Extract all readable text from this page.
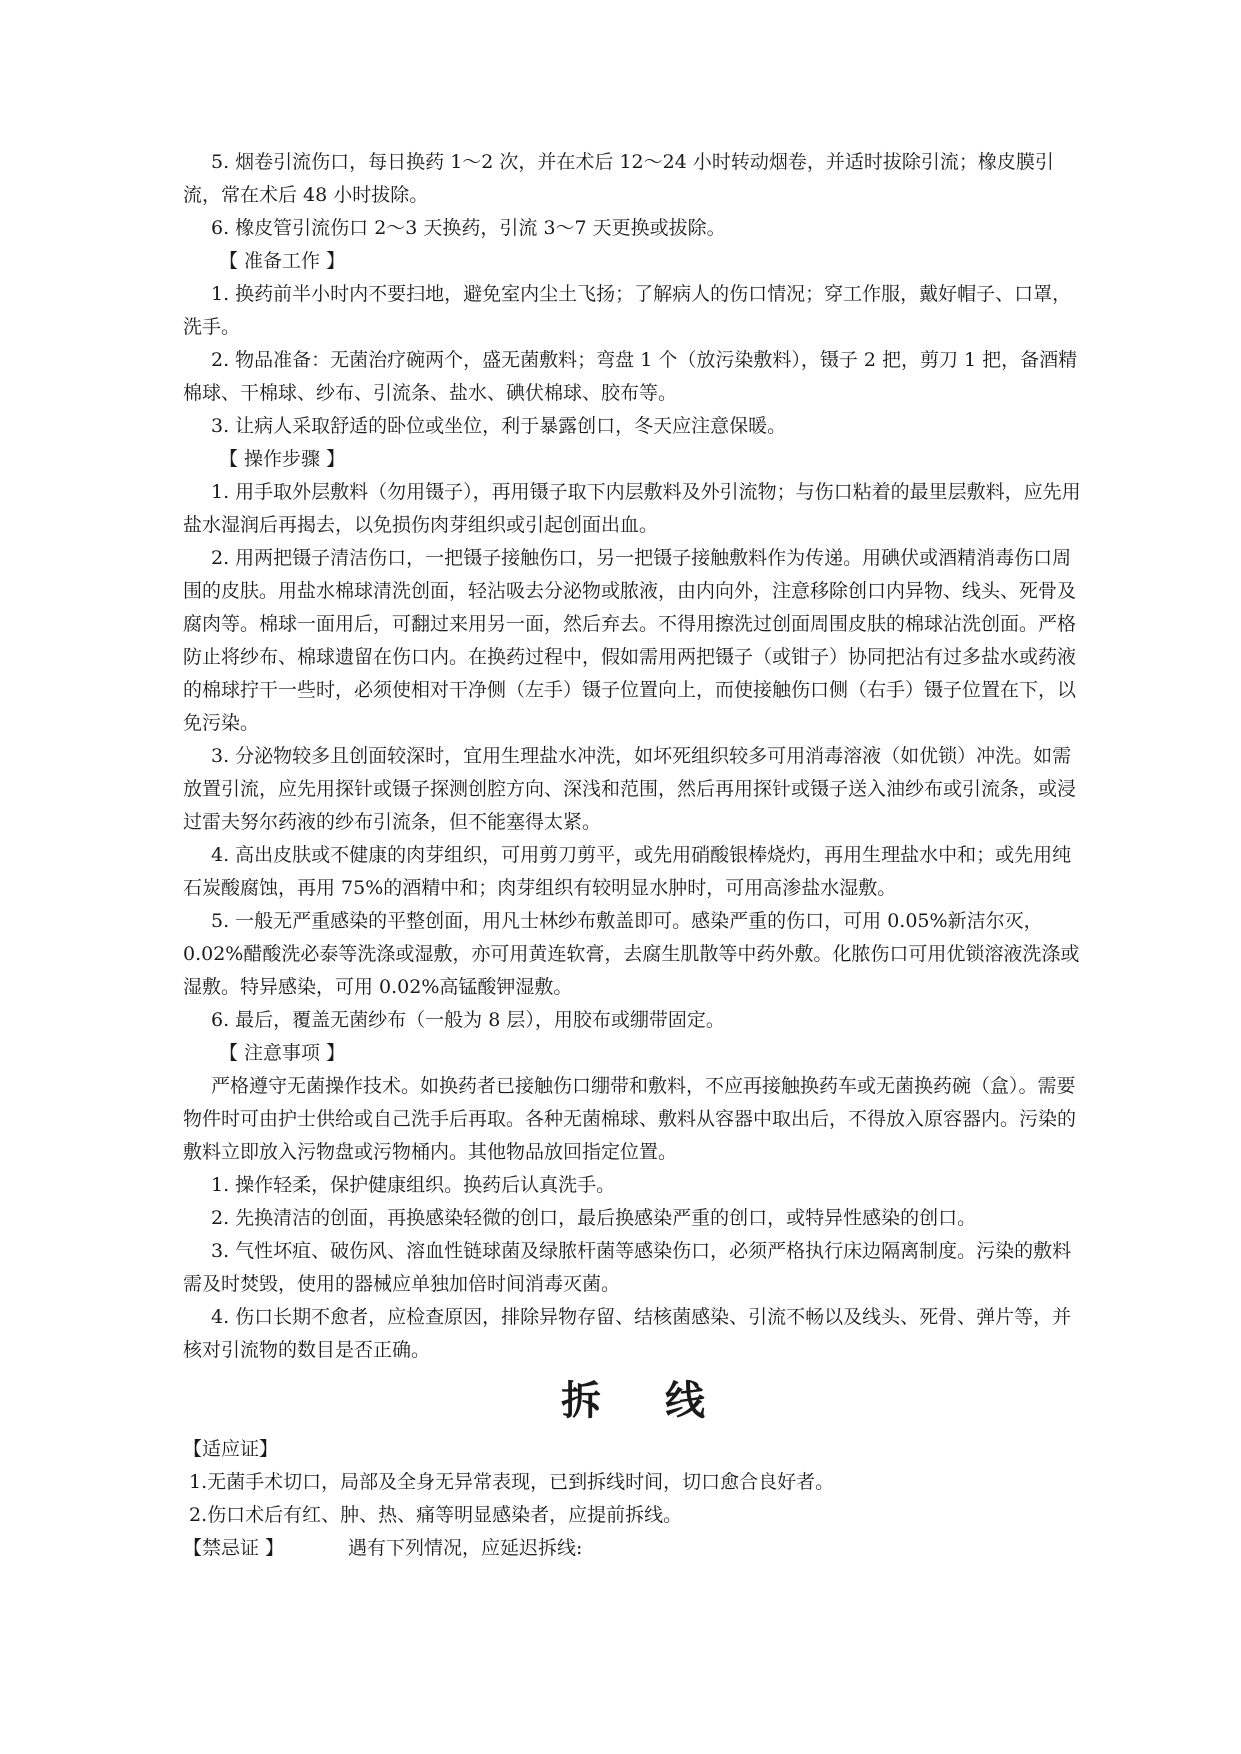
5. 烟卷引流伤口，每日换药 1～2 次，并在术后 12～24 小时转动烟卷，并适时拔除引流；橡皮膜引流，常在术后 48 小时拔除。

6. 橡皮管引流伤口 2～3 天换药，引流 3～7 天更换或拔除。

【 准备工作 】

1. 换药前半小时内不要扫地，避免室内尘土飞扬；了解病人的伤口情况；穿工作服，戴好帽子、口罩，洗手。

2. 物品准备：无菌治疗碗两个，盛无菌敷料；弯盘 1 个（放污染敷料），镊子 2 把，剪刀 1 把，备酒精棉球、干棉球、纱布、引流条、盐水、碘伏棉球、胶布等。

3. 让病人采取舒适的卧位或坐位，利于暴露创口，冬天应注意保暖。

【 操作步骤 】

1. 用手取外层敷料（勿用镊子），再用镊子取下内层敷料及外引流物；与伤口粘着的最里层敷料，应先用盐水湿润后再揭去，以免损伤肉芽组织或引起创面出血。

2. 用两把镊子清洁伤口，一把镊子接触伤口，另一把镊子接触敷料作为传递。用碘伏或酒精消毒伤口周围的皮肤。用盐水棉球清洗创面，轻沾吸去分泌物或脓液，由内向外，注意移除创口内异物、线头、死骨及腐肉等。棉球一面用后，可翻过来用另一面，然后弃去。不得用擦洗过创面周围皮肤的棉球沾洗创面。严格防止将纱布、棉球遗留在伤口内。在换药过程中，假如需用两把镊子（或钳子）协同把沾有过多盐水或药液的棉球拧干一些时，必须使相对干净侧（左手）镊子位置向上，而使接触伤口侧（右手）镊子位置在下，以免污染。

3. 分泌物较多且创面较深时，宜用生理盐水冲洗，如坏死组织较多可用消毒溶液（如优锁）冲洗。如需放置引流，应先用探针或镊子探测创腔方向、深浅和范围，然后再用探针或镊子送入油纱布或引流条，或浸过雷夫努尔药液的纱布引流条，但不能塞得太紧。

4. 高出皮肤或不健康的肉芽组织，可用剪刀剪平，或先用硝酸银棒烧灼，再用生理盐水中和；或先用纯石炭酸腐蚀，再用 75%的酒精中和；肉芽组织有较明显水肿时，可用高渗盐水湿敷。

5. 一般无严重感染的平整创面，用凡士林纱布敷盖即可。感染严重的伤口，可用 0.05%新洁尔灭，0.02%醋酸洗必泰等洗涤或湿敷，亦可用黄连软膏，去腐生肌散等中药外敷。化脓伤口可用优锁溶液洗涤或湿敷。特异感染，可用 0.02%高锰酸钾湿敷。

6. 最后，覆盖无菌纱布（一般为 8 层），用胶布或绷带固定。

【 注意事项 】

严格遵守无菌操作技术。如换药者已接触伤口绷带和敷料，不应再接触换药车或无菌换药碗（盒）。需要物件时可由护士供给或自己洗手后再取。各种无菌棉球、敷料从容器中取出后，不得放入原容器内。污染的敷料立即放入污物盘或污物桶内。其他物品放回指定位置。

1. 操作轻柔，保护健康组织。换药后认真洗手。

2. 先换清洁的创面，再换感染轻微的创口，最后换感染严重的创口，或特异性感染的创口。

3. 气性坏疽、破伤风、溶血性链球菌及绿脓杆菌等感染伤口，必须严格执行床边隔离制度。污染的敷料需及时焚毁，使用的器械应单独加倍时间消毒灭菌。

4. 伤口长期不愈者，应检查原因，排除异物存留、结核菌感染、引流不畅以及线头、死骨、弹片等，并核对引流物的数目是否正确。

拆线

【适应证】

1.无菌手术切口，局部及全身无异常表现，已到拆线时间，切口愈合良好者。

2.伤口术后有红、肿、热、痛等明显感染者，应提前拆线。

【禁忌证 】	遇有下列情况，应延迟拆线:
